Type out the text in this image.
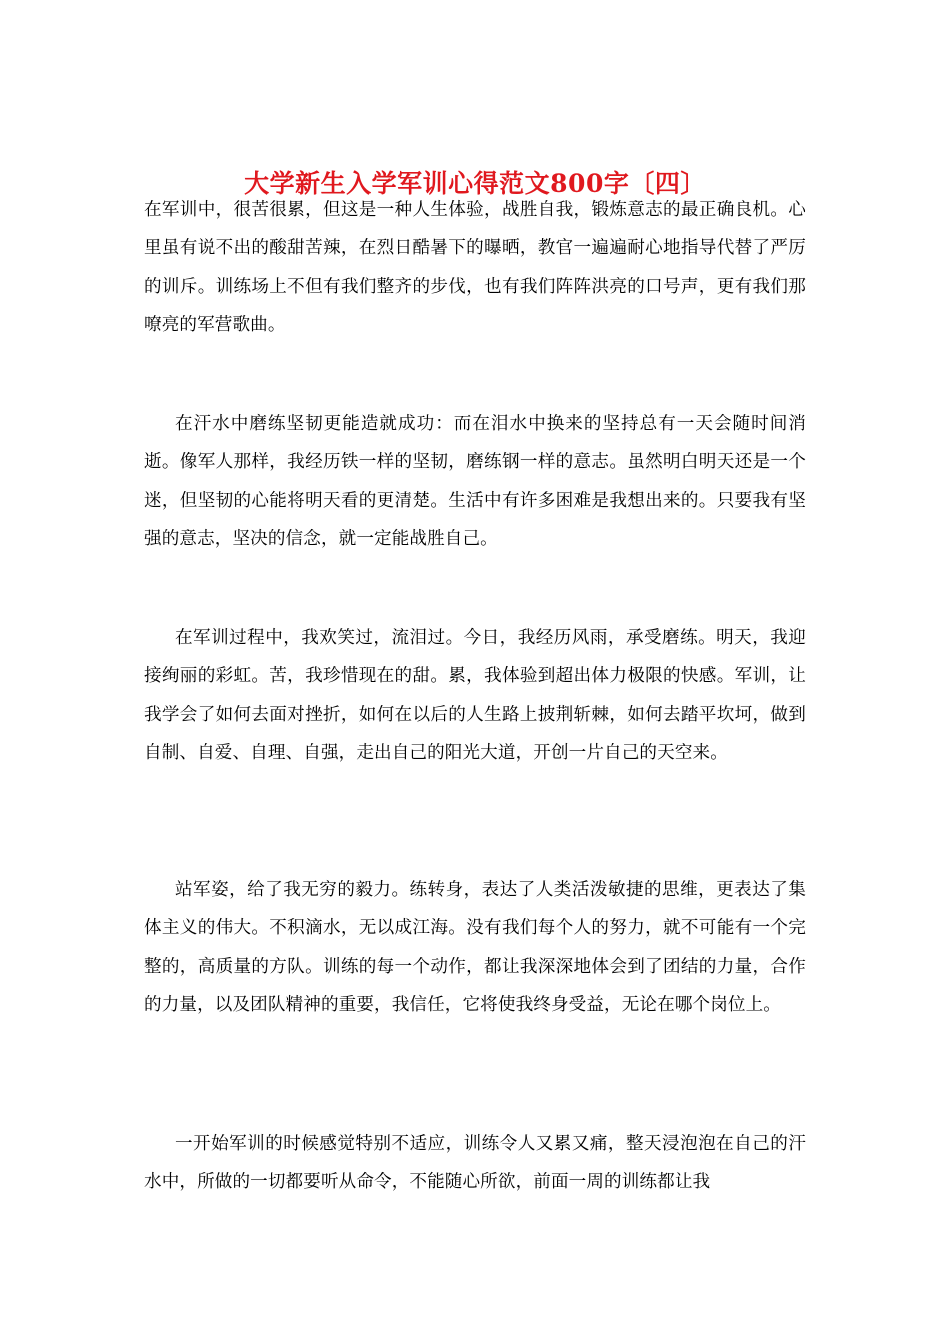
大学新生入学军训心得范文800字〔四〕

在军训中，很苦很累，但这是一种人生体验，战胜自我，锻炼意志的最正确良机。心里虽有说不出的酸甜苦辣，在烈日酷暑下的曝晒，教官一遍遍耐心地指导代替了严厉的训斥。训练场上不但有我们整齐的步伐，也有我们阵阵洪亮的口号声，更有我们那嘹亮的军营歌曲。

在汗水中磨练坚韧更能造就成功：而在泪水中换来的坚持总有一天会随时间消逝。像军人那样，我经历铁一样的坚韧，磨练钢一样的意志。虽然明白明天还是一个迷，但坚韧的心能将明天看的更清楚。生活中有许多困难是我想出来的。只要我有坚强的意志，坚决的信念，就一定能战胜自己。

在军训过程中，我欢笑过，流泪过。今日，我经历风雨，承受磨练。明天，我迎接绚丽的彩虹。苦，我珍惜现在的甜。累，我体验到超出体力极限的快感。军训，让我学会了如何去面对挫折，如何在以后的人生路上披荆斩棘，如何去踏平坎坷，做到自制、自爱、自理、自强，走出自己的阳光大道，开创一片自己的天空来。

站军姿，给了我无穷的毅力。练转身，表达了人类活泼敏捷的思维，更表达了集体主义的伟大。不积滴水，无以成江海。没有我们每个人的努力，就不可能有一个完整的，高质量的方队。训练的每一个动作，都让我深深地体会到了团结的力量，合作的力量，以及团队精神的重要，我信任，它将使我终身受益，无论在哪个岗位上。

一开始军训的时候感觉特别不适应，训练令人又累又痛，整天浸泡泡在自己的汗水中，所做的一切都要听从命令，不能随心所欲，前面一周的训练都让我
